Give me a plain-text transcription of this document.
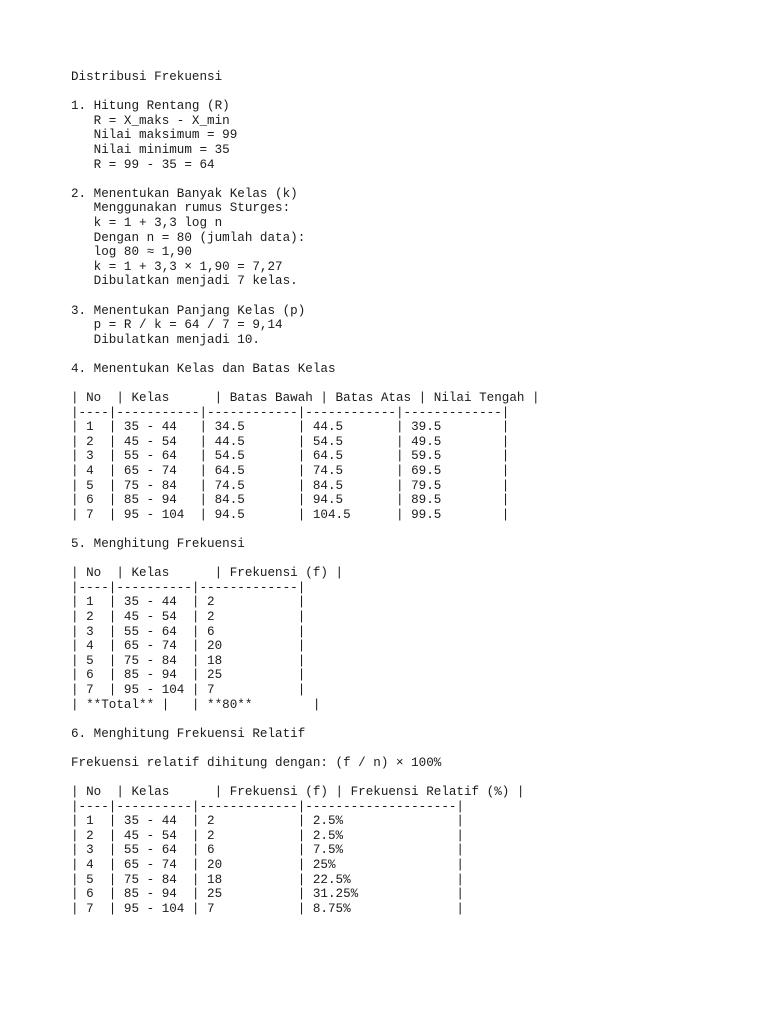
Distribusi Frekuensi
1. Hitung Rentang (R)
R = X_maks - X_min
Nilai maksimum = 99
Nilai minimum = 35
R = 99 - 35 = 64
2. Menentukan Banyak Kelas (k)
Menggunakan rumus Sturges:
k = 1 + 3,3 log n
Dengan n = 80 (jumlah data):
log 80 ≈ 1,90
k = 1 + 3,3 × 1,90 = 7,27
Dibulatkan menjadi 7 kelas.
3. Menentukan Panjang Kelas (p)
p = R / k = 64 / 7 = 9,14
Dibulatkan menjadi 10.
4. Menentukan Kelas dan Batas Kelas
| No  | Kelas      | Batas Bawah | Batas Atas | Nilai Tengah |
|----|-----------|------------|------------|-------------|
| 1  | 35 - 44   | 34.5       | 44.5       | 39.5        |
| 2  | 45 - 54   | 44.5       | 54.5       | 49.5        |
| 3  | 55 - 64   | 54.5       | 64.5       | 59.5        |
| 4  | 65 - 74   | 64.5       | 74.5       | 69.5        |
| 5  | 75 - 84   | 74.5       | 84.5       | 79.5        |
| 6  | 85 - 94   | 84.5       | 94.5       | 89.5        |
| 7  | 95 - 104  | 94.5       | 104.5      | 99.5        |
5. Menghitung Frekuensi
| No  | Kelas      | Frekuensi (f) |
|----|----------|-------------|
| 1  | 35 - 44  | 2           |
| 2  | 45 - 54  | 2           |
| 3  | 55 - 64  | 6           |
| 4  | 65 - 74  | 20          |
| 5  | 75 - 84  | 18          |
| 6  | 85 - 94  | 25          |
| 7  | 95 - 104 | 7           |
| **Total** |   | **80**        |
6. Menghitung Frekuensi Relatif
Frekuensi relatif dihitung dengan: (f / n) × 100%
| No  | Kelas      | Frekuensi (f) | Frekuensi Relatif (%) |
|----|----------|-------------|--------------------|
| 1  | 35 - 44  | 2           | 2.5%               |
| 2  | 45 - 54  | 2           | 2.5%               |
| 3  | 55 - 64  | 6           | 7.5%               |
| 4  | 65 - 74  | 20          | 25%                |
| 5  | 75 - 84  | 18          | 22.5%              |
| 6  | 85 - 94  | 25          | 31.25%             |
| 7  | 95 - 104 | 7           | 8.75%              |
